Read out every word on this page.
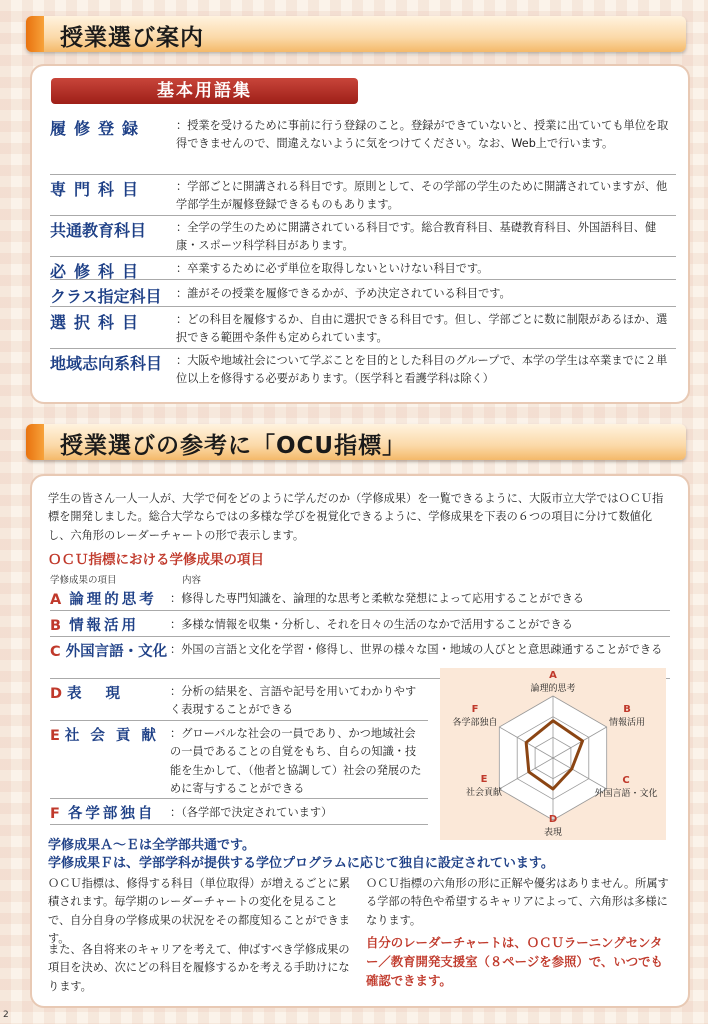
授業選び案内
基本用語集
履修登録	：授業を受けるために事前に行う登録のこと。登録ができていないと、授業に出ていても単位を取得できませんので、間違えないように気をつけてください。なお、Web上で行います。
専門科目	：学部ごとに開講される科目です。原則として、その学部の学生のために開講されていますが、他学部学生が履修登録できるものもあります。
共通教育科目	：全学の学生のために開講されている科目です。総合教育科目、基礎教育科目、外国語科目、健康・スポーツ科学科目があります。
必修科目	：卒業するために必ず単位を取得しないといけない科目です。
クラス指定科目	：誰がその授業を履修できるかが、予め決定されている科目です。
選択科目	：どの科目を履修するか、自由に選択できる科目です。但し、学部ごとに数に制限があるほか、選択できる範囲や条件も定められています。
地域志向系科目	：大阪や地域社会について学ぶことを目的とした科目のグループで、本学の学生は卒業までに２単位以上を修得する必要があります。（医学科と看護学科は除く）
授業選びの参考に「OCU指標」
学生の皆さん一人一人が、大学で何をどのように学んだのか（学修成果）を一覧できるように、大阪市立大学ではＯＣＵ指標を開発しました。総合大学ならではの多様な学びを視覚化できるように、学修成果を下表の６つの項目に分けて数値化し、六角形のレーダーチャートの形で表示します。
ＯＣＵ指標における学修成果の項目
学修成果の項目	内容
A 論理的思考 ：修得した専門知識を、論理的な思考と柔軟な発想によって応用することができる
B 情報活用	：多様な情報を収集・分析し、それを日々の生活のなかで活用することができる
C 外国言語・文化 ：外国の言語と文化を学習・修得し、世界の様々な国・地域の人びとと意思疎通することができる
D 表現 ：分析の結果を、言語や記号を用いてわかりやすく表現することができる
E 社会貢献 ：グローバルな社会の一員であり、かつ地域社会の一員であることの自覚をもち、自らの知識・技能を生かして、（他者と協調して）社会の発展のために寄与することができる
F 各学部独自 ：（各学部で決定されています）
A
論理的思考
B
情報活用
C
外国言語・文化
D
表現
E
社会貢献
F
各学部独自
学修成果Ａ～Ｅは全学部共通です。
学修成果Ｆは、学部学科が提供する学位プログラムに応じて独自に設定されています。
ＯＣＵ指標は、修得する科目（単位取得）が増えるごとに累積されます。毎学期のレーダーチャートの変化を見ることで、自分自身の学修成果の状況をその都度知ることができます。
また、各自将来のキャリアを考えて、伸ばすべき学修成果の項目を決め、次にどの科目を履修するかを考える手助けになります。
ＯＣＵ指標の六角形の形に正解や優劣はありません。所属する学部の特色や希望するキャリアによって、六角形は多様になります。
自分のレーダーチャートは、ＯＣＵラーニングセンター／教育開発支援室（８ページを参照）で、いつでも確認できます。
2
